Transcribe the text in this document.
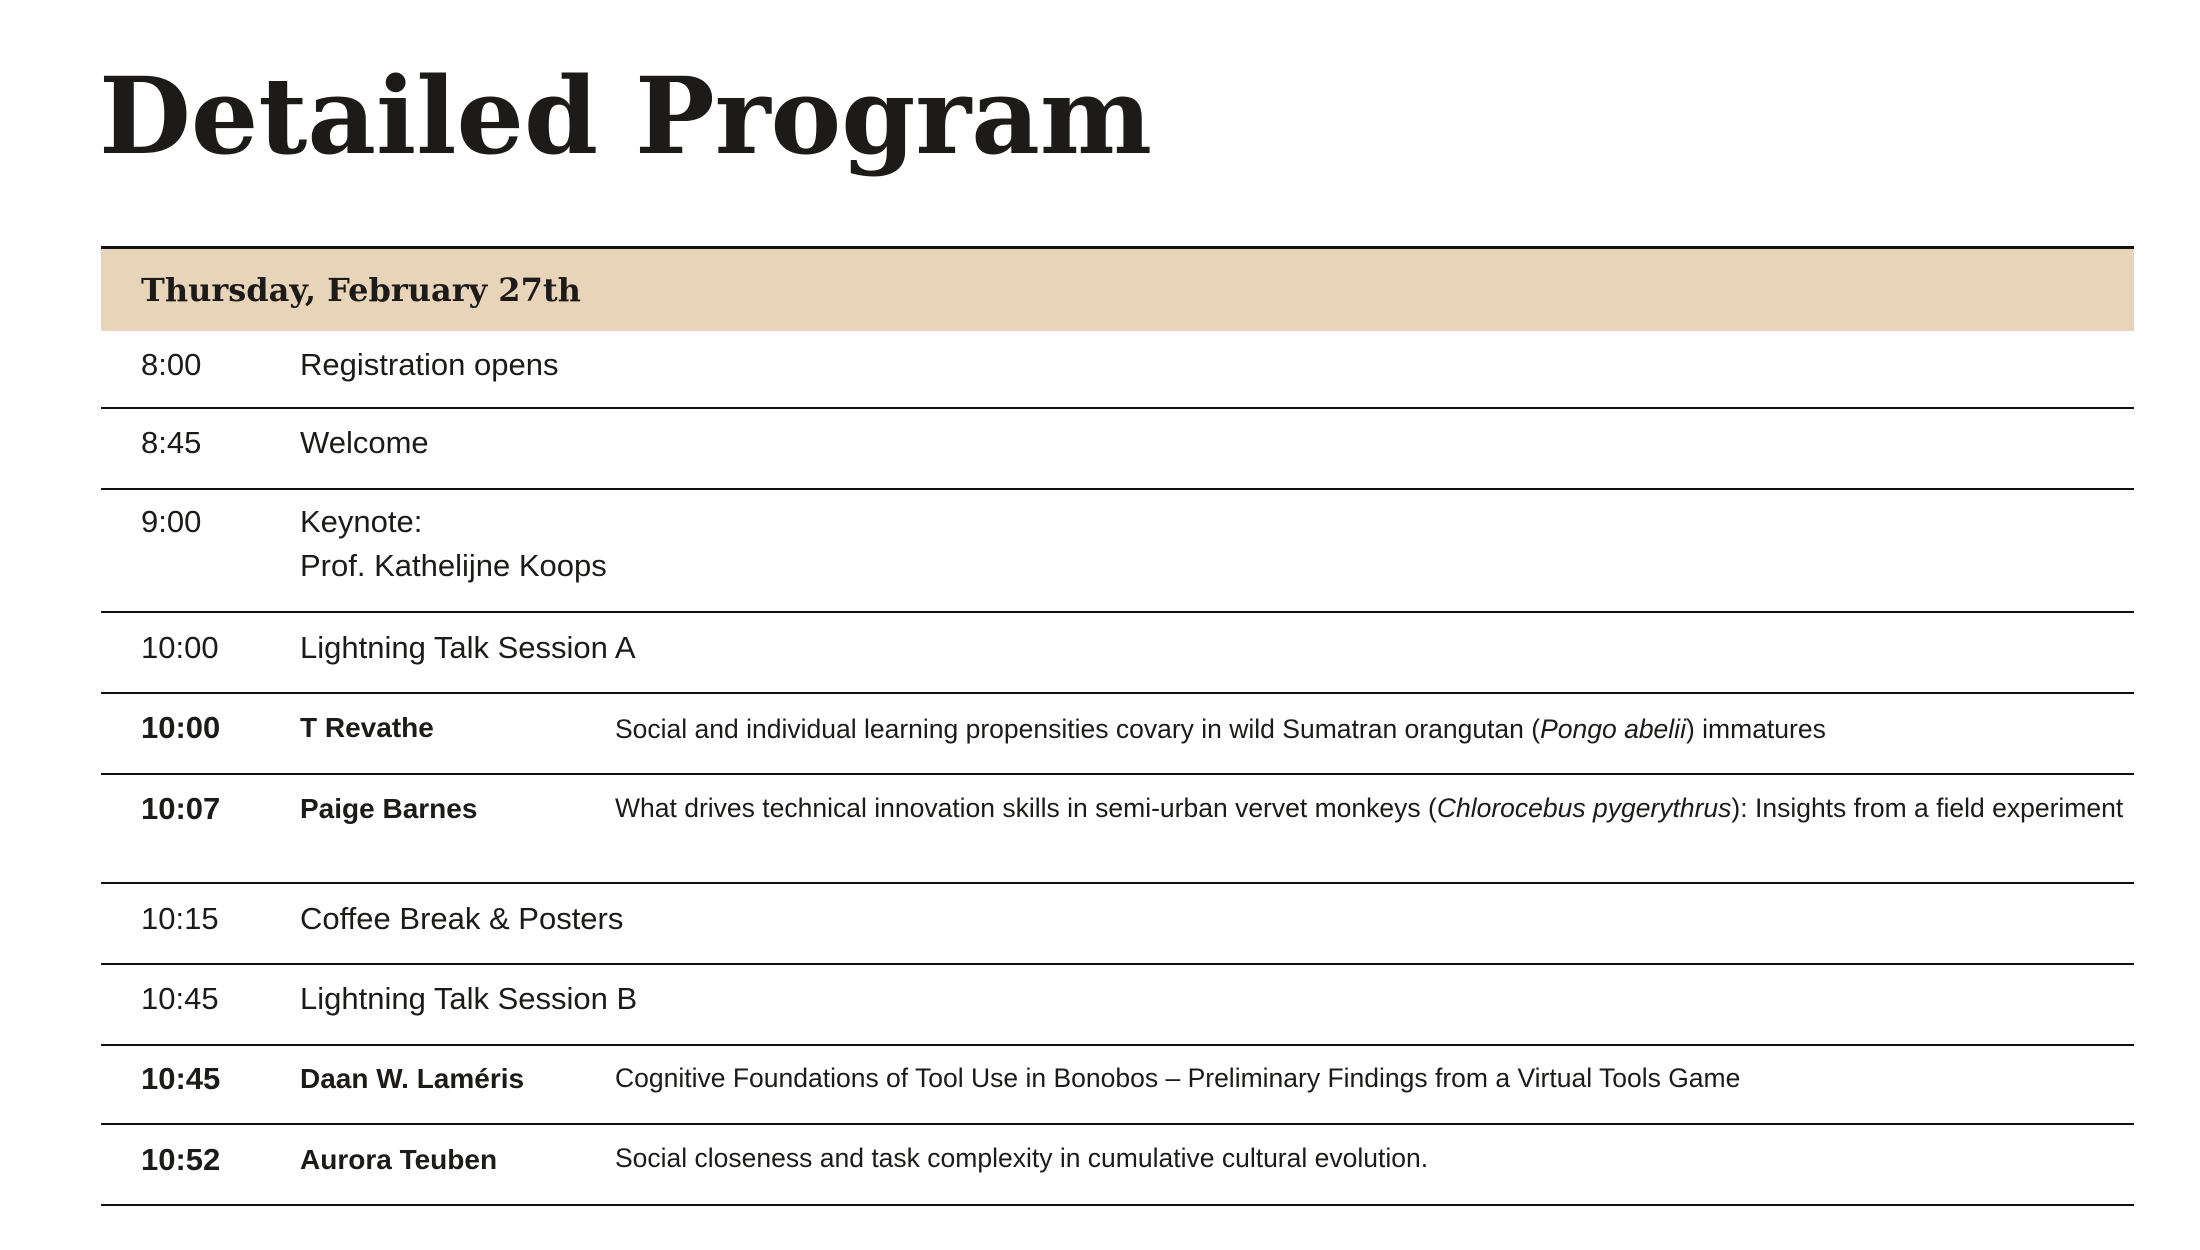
Detailed Program
Thursday, February 27th
8:00	Registration opens
8:45	Welcome
9:00	Keynote:
Prof. Kathelijne Koops
10:00	Lightning Talk Session A
10:00	T Revathe	Social and individual learning propensities covary in wild Sumatran orangutan (Pongo abelii) immatures
10:07	Paige Barnes	What drives technical innovation skills in semi-urban vervet monkeys (Chlorocebus pygerythrus): Insights from a field experiment
10:15	Coffee Break & Posters
10:45	Lightning Talk Session B
10:45	Daan W. Laméris	Cognitive Foundations of Tool Use in Bonobos – Preliminary Findings from a Virtual Tools Game
10:52	Aurora Teuben	Social closeness and task complexity in cumulative cultural evolution.
